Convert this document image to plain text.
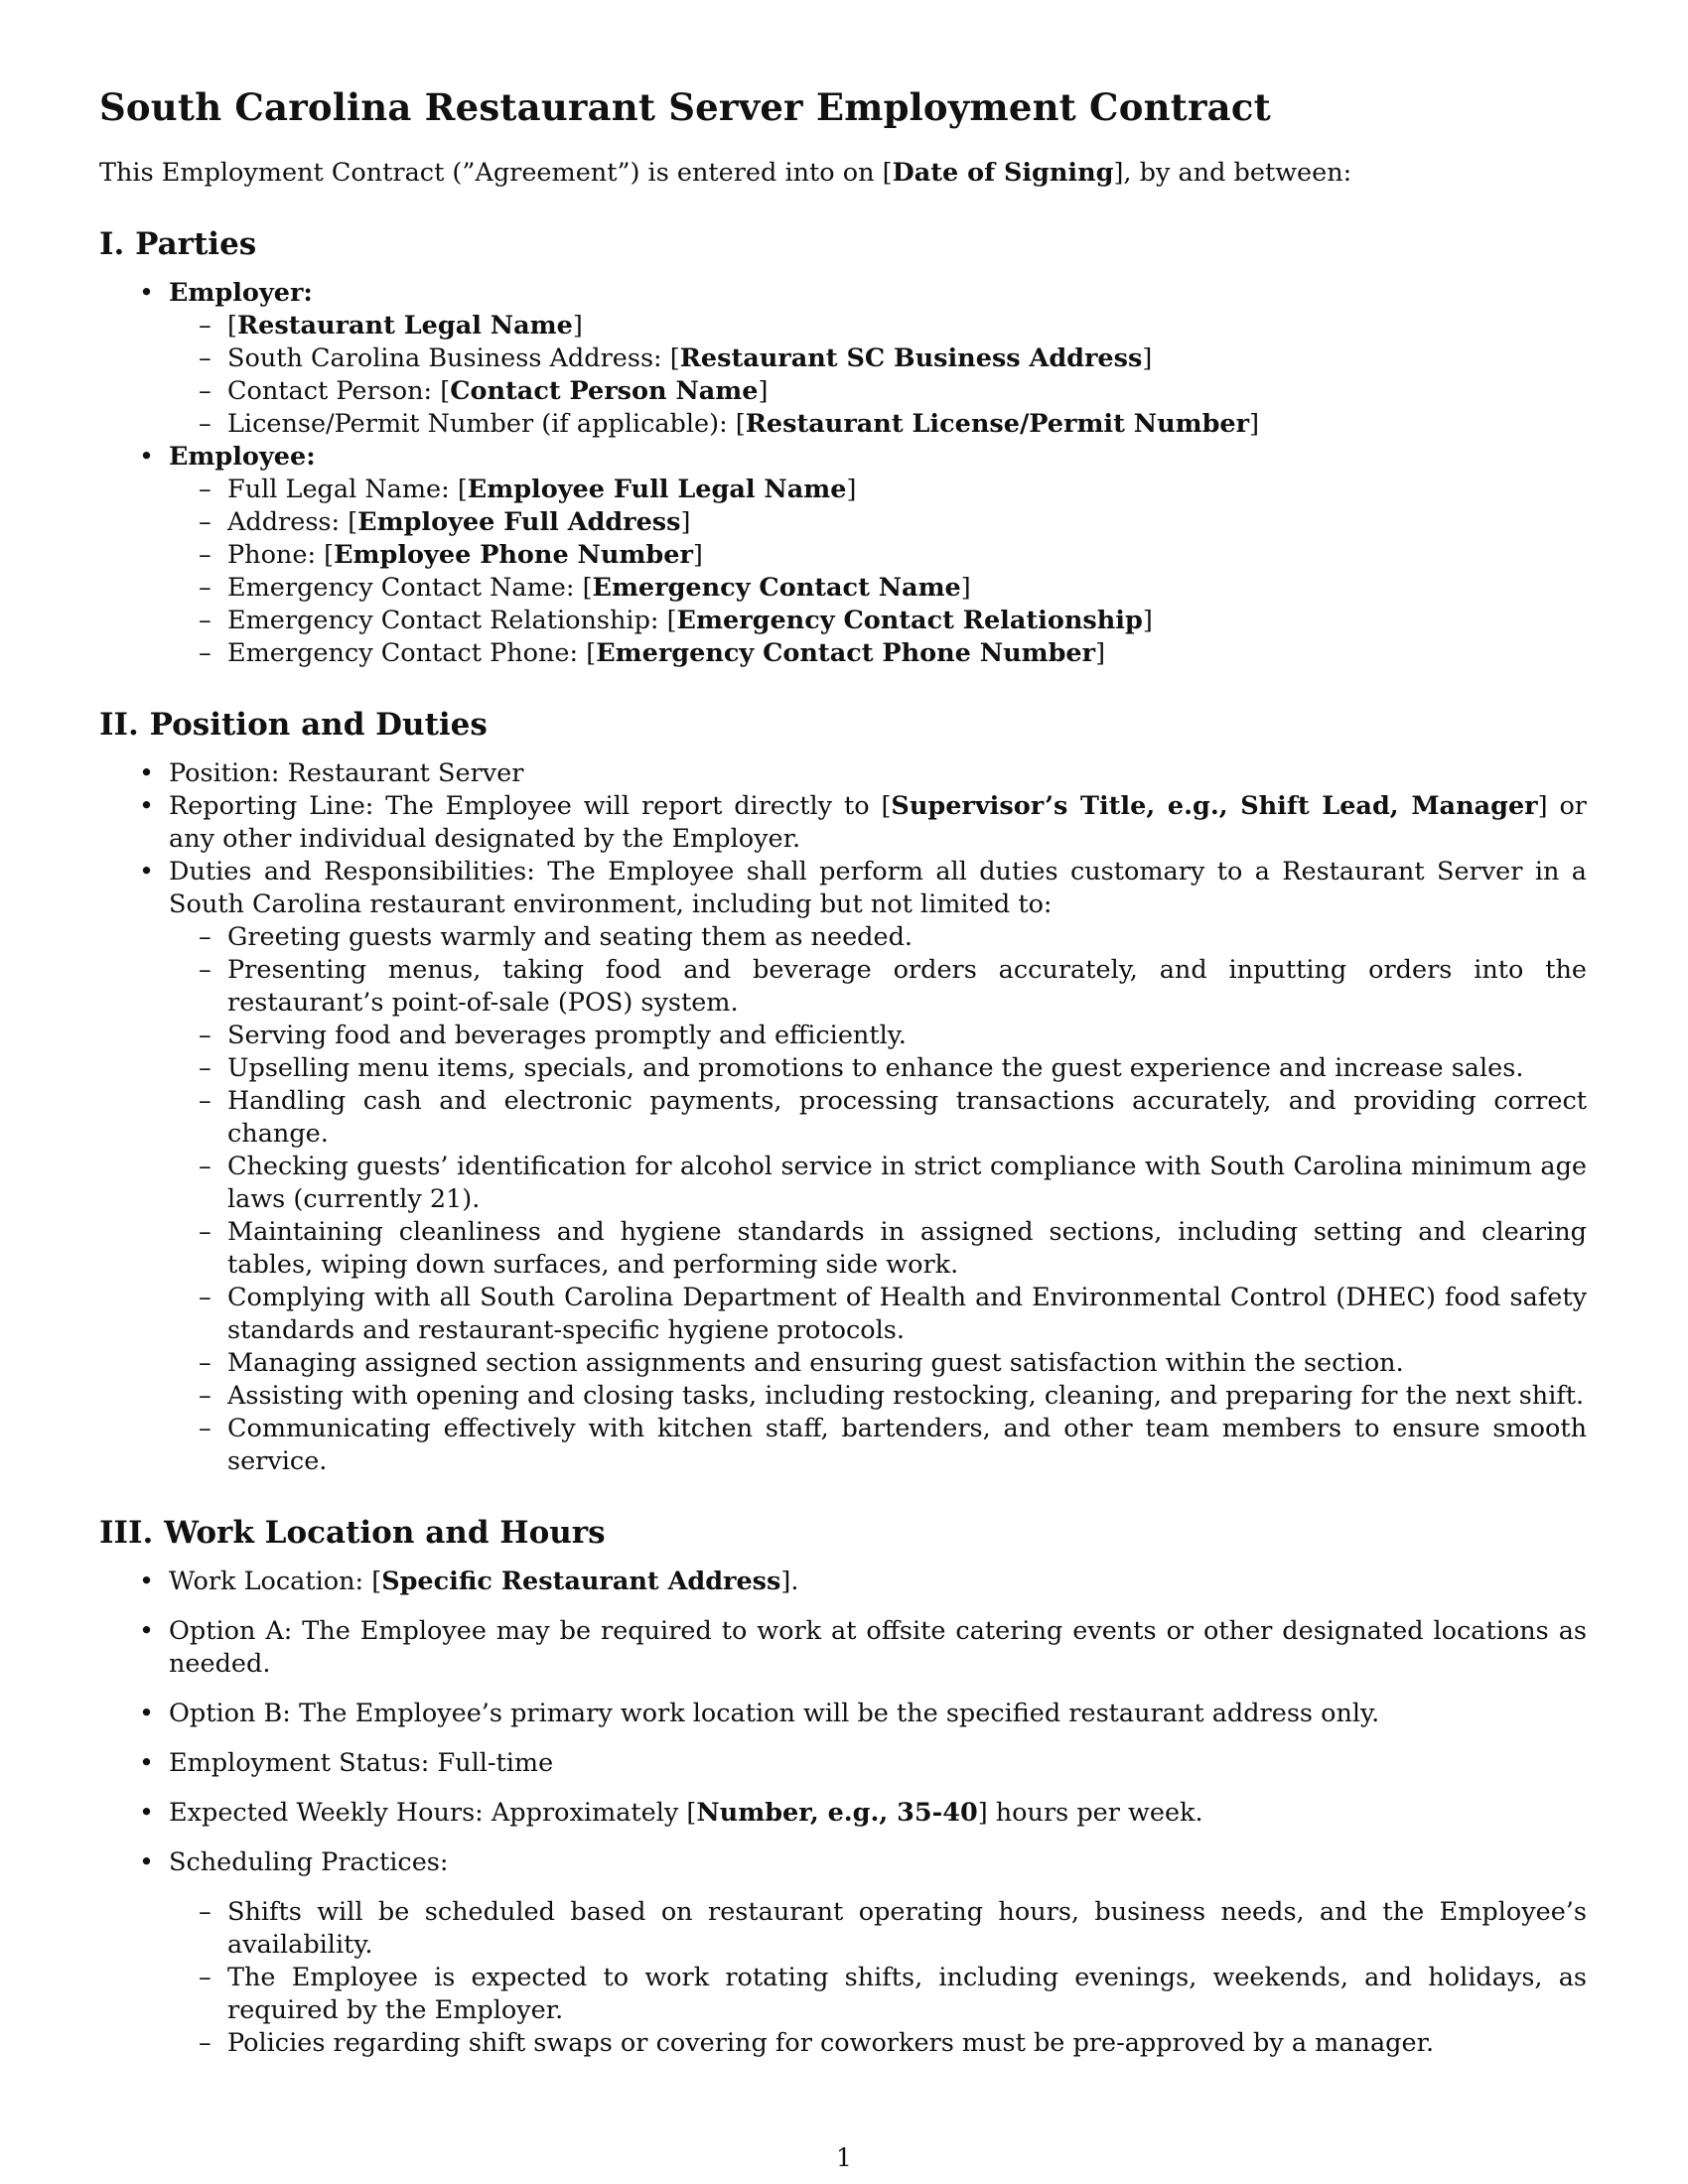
South Carolina Restaurant Server Employment Contract

This Employment Contract (”Agreement”) is entered into on [Date of Signing], by and between:

I. Parties
• Employer:
– [Restaurant Legal Name]
– South Carolina Business Address: [Restaurant SC Business Address]
– Contact Person: [Contact Person Name]
– License/Permit Number (if applicable): [Restaurant License/Permit Number]
• Employee:
– Full Legal Name: [Employee Full Legal Name]
– Address: [Employee Full Address]
– Phone: [Employee Phone Number]
– Emergency Contact Name: [Emergency Contact Name]
– Emergency Contact Relationship: [Emergency Contact Relationship]
– Emergency Contact Phone: [Emergency Contact Phone Number]
II. Position and Duties
• Position: Restaurant Server
• Reporting Line: The Employee will report directly to [Supervisor’s Title, e.g., Shift Lead, Manager] or any other individual designated by the Employer.
• Duties and Responsibilities: The Employee shall perform all duties customary to a Restaurant Server in a South Carolina restaurant environment, including but not limited to:
– Greeting guests warmly and seating them as needed.
– Presenting menus, taking food and beverage orders accurately, and inputting orders into the restaurant’s point-of-sale (POS) system.
– Serving food and beverages promptly and efficiently.
– Upselling menu items, specials, and promotions to enhance the guest experience and increase sales.
– Handling cash and electronic payments, processing transactions accurately, and providing correct change.
– Checking guests’ identification for alcohol service in strict compliance with South Carolina minimum age laws (currently 21).
– Maintaining cleanliness and hygiene standards in assigned sections, including setting and clearing tables, wiping down surfaces, and performing side work.
– Complying with all South Carolina Department of Health and Environmental Control (DHEC) food safety standards and restaurant-specific hygiene protocols.
– Managing assigned section assignments and ensuring guest satisfaction within the section.
– Assisting with opening and closing tasks, including restocking, cleaning, and preparing for the next shift.
– Communicating effectively with kitchen staff, bartenders, and other team members to ensure smooth service.
III. Work Location and Hours
• Work Location: [Specific Restaurant Address].
• Option A: The Employee may be required to work at offsite catering events or other designated locations as needed.
• Option B: The Employee’s primary work location will be the specified restaurant address only.
• Employment Status: Full-time
• Expected Weekly Hours: Approximately [Number, e.g., 35-40] hours per week.
• Scheduling Practices:
– Shifts will be scheduled based on restaurant operating hours, business needs, and the Employee’s availability.
– The Employee is expected to work rotating shifts, including evenings, weekends, and holidays, as required by the Employer.
– Policies regarding shift swaps or covering for coworkers must be pre-approved by a manager.
1
